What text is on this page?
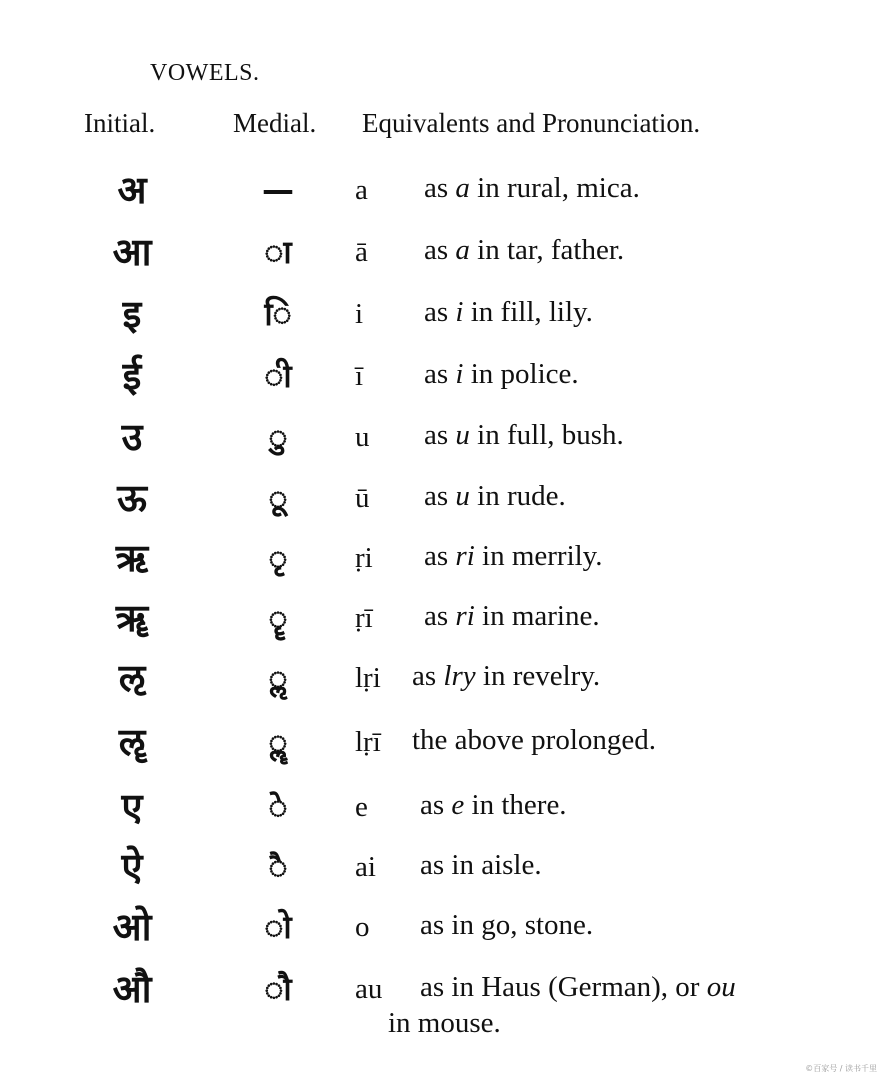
VOWELS.
Initial.	Medial. Equivalents and Pronunciation.
अ	—	a as a in rural, mica.
आ	ा	ā as a in tar, father.
इ	ि	i as i in fill, lily.
ई	ी	ī as i in police.
उ	ु	u as u in full, bush.
ऊ	ू	ū as u in rude.
ऋ	ृ	ṛi as ri in merrily.
ॠ	ॄ	ṛī as ri in marine.
ऌ	ॢ	lṛi as lry in revelry.
ॡ	ॣ	lṛī the above prolonged.
ए	े	e as e in there.
ऐ	ै	ai as in aisle.
ओ	ो	o as in go, stone.
औ	ौ	au as in Haus (German), or ou
in mouse.
©百家号 / 读书千里
